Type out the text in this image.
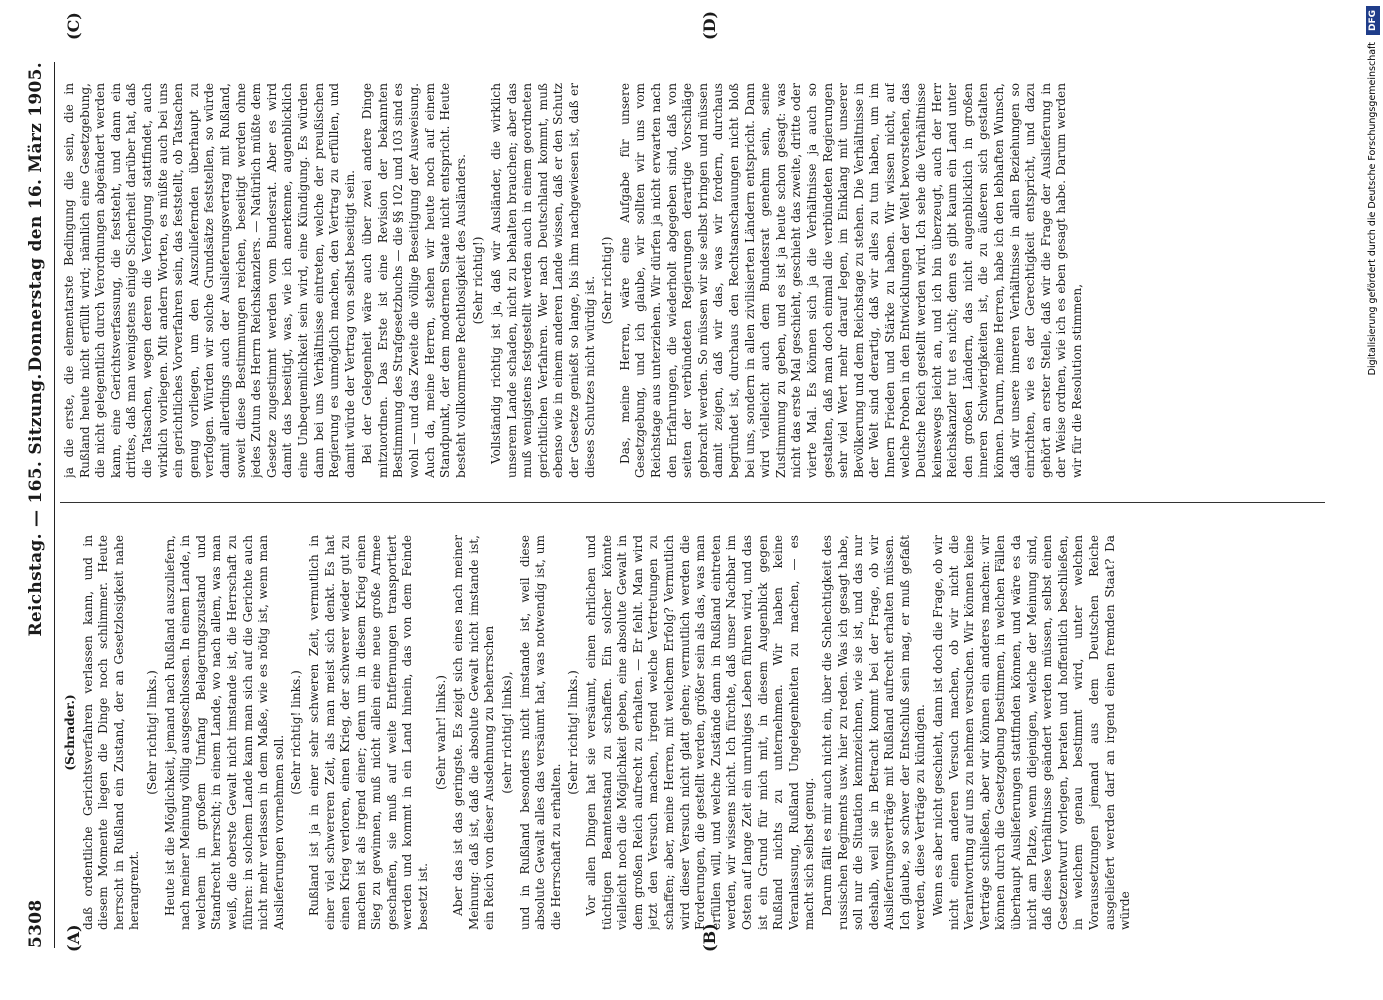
5308
Reichstag. — 165. Sitzung.
Donnerstag den 16. März 1905.
(A)	(B)
(C)	(D)
(Schrader.) daß ordentliche Gerichtsverfahren verlassen kann, und in diesem Momente liegen die Dinge noch schlimmer. Heute herrscht in Rußland ein Zustand, der an Gesetzlosigkeit nahe herangrenzt.

(Sehr richtig! links.) Heute ist die Möglichkeit, jemand nach Rußland auszuliefern, nach meiner Meinung völlig ausgeschlossen. In einem Lande, in welchem in großem Umfang Belagerungszustand und Standrecht herrscht; in einem Lande, wo nach allem, was man weiß, die oberste Gewalt nicht imstande ist, die Herrschaft zu führen: in solchem Lande kann man sich auf die Gerichte auch nicht mehr verlassen in dem Maße, wie es nötig ist, wenn man Auslieferungen vornehmen soll.

(Sehr richtig! links.) Rußland ist ja in einer sehr schweren Zeit, vermutlich in einer viel schwereren Zeit, als man meist sich denkt. Es hat einen Krieg verloren, einen Krieg, der schwerer wieder gut zu machen ist als irgend einer; denn um in diesem Krieg einen Sieg zu gewinnen, muß nicht allein eine neue große Armee geschaffen, sie muß auf weite Entfernungen transportiert werden und kommt in ein Land hinein, das von dem Feinde besetzt ist.

(Sehr wahr! links.) Aber das ist das geringste. Es zeigt sich eines nach meiner Meinung: daß ist, daß die absolute Gewalt nicht imstande ist, ein Reich von dieser Ausdehnung zu beherrschen (sehr richtig! links), und in Rußland besonders nicht imstande ist, weil diese absolute Gewalt alles das versäumt hat, was notwendig ist, um die Herrschaft zu erhalten.

(Sehr richtig! links.) Vor allen Dingen hat sie versäumt, einen ehrlichen und tüchtigen Beamtenstand zu schaffen. Ein solcher könnte vielleicht noch die Möglichkeit geben, eine absolute Gewalt in dem großen Reich aufrecht zu erhalten. — Er fehlt. Man wird jetzt den Versuch machen, irgend welche Vertretungen zu schaffen; aber, meine Herren, mit welchem Erfolg? Vermutlich wird dieser Versuch nicht glatt gehen; vermutlich werden die Forderungen, die gestellt werden, größer sein als das, was man erfüllen will, und welche Zustände dann in Rußland eintreten werden, wir wissens nicht. Ich fürchte, daß unser Nachbar im Osten auf lange Zeit ein unruhiges Leben führen wird, und das ist ein Grund für mich mit, in diesem Augenblick gegen Rußland nichts zu unternehmen. Wir haben keine Veranlassung, Rußland Ungelegenheiten zu machen, — es macht sich selbst genug. Darum fällt es mir auch nicht ein, über die Schlechtigkeit des russischen Regiments usw. hier zu reden. Was ich gesagt habe, soll nur die Situation kennzeichnen, wie sie ist, und das nur deshalb, weil sie in Betracht kommt bei der Frage, ob wir Auslieferungsverträge mit Rußland aufrecht erhalten müssen. Ich glaube, so schwer der Entschluß sein mag, er muß gefaßt werden, diese Verträge zu kündigen. Wenn es aber nicht geschieht, dann ist doch die Frage, ob wir nicht einen anderen Versuch machen, ob wir nicht die Verantwortung auf uns zu nehmen versuchen. Wir können keine Verträge schließen, aber wir können ein anderes machen: wir können durch die Gesetzgebung bestimmen, in welchen Fällen überhaupt Auslieferungen stattfinden können, und wäre es da nicht am Platze, wenn diejenigen, welche der Meinung sind, daß diese Verhältnisse geändert werden müssen, selbst einen Gesetzentwurf vorlegen, beraten und hoffentlich beschließen, in welchem genau bestimmt wird, unter welchen Voraussetzungen jemand aus dem Deutschen Reiche ausgeliefert werden darf an irgend einen fremden Staat? Da würde

ja die erste, die elementarste Bedingung die sein, die in Rußland heute nicht erfüllt wird; nämlich eine Gesetzgebung, die nicht gelegentlich durch Verordnungen abgeändert werden kann, eine Gerichtsverfassung, die feststeht, und dann ein drittes, daß man wenigstens einige Sicherheit darüber hat, daß die Tatsachen, wegen deren die Verfolgung stattfindet, auch wirklich vorliegen. Mit andern Worten, es müßte auch bei uns ein gerichtliches Vorverfahren sein, das feststellt, ob Tatsachen genug vorliegen, um den Auszuliefernden überhaupt zu verfolgen. Würden wir solche Grundsätze feststellen, so würde damit allerdings auch der Auslieferungsvertrag mit Rußland, soweit diese Bestimmungen reichen, beseitigt werden ohne jedes Zutun des Herrn Reichskanzlers. — Natürlich müßte dem Gesetze zugestimmt werden vom Bundesrat. Aber es wird damit das beseitigt, was, wie ich anerkenne, augenblicklich eine Unbequemlichkeit sein wird, eine Kündigung. Es würden dann bei uns Verhältnisse eintreten, welche der preußischen Regierung es unmöglich machen, den Vertrag zu erfüllen, und damit würde der Vertrag von selbst beseitigt sein. Bei der Gelegenheit wäre auch über zwei andere Dinge mitzuordnen. Das Erste ist eine Revision der bekannten Bestimmung des Strafgesetzbuchs — die §§ 102 und 103 sind es wohl — und das Zweite die völlige Beseitigung der Ausweisung. Auch da, meine Herren, stehen wir heute noch auf einem Standpunkt, der dem modernen Staate nicht entspricht. Heute besteht vollkommene Rechtlosigkeit des Ausländers. (Sehr richtig!) Vollständig richtig ist ja, daß wir Ausländer, die wirklich unserem Lande schaden, nicht zu behalten brauchen; aber das muß wenigstens festgestellt werden auch in einem geordneten gerichtlichen Verfahren. Wer nach Deutschland kommt, muß ebenso wie in einem anderen Lande wissen, daß er den Schutz der Gesetze genießt so lange, bis ihm nachgewiesen ist, daß er dieses Schutzes nicht würdig ist. (Sehr richtig!) Das, meine Herren, wäre eine Aufgabe für unsere Gesetzgebung, und ich glaube, wir sollten wir uns vom Reichstage aus unterziehen. Wir dürfen ja nicht erwarten nach den Erfahrungen, die wiederholt abgegeben sind, daß von seiten der verbündeten Regierungen derartige Vorschläge gebracht werden. So müssen wir sie selbst bringen und müssen damit zeigen, daß wir das, was wir fordern, durchaus begründet ist, durchaus den Rechtsanschauungen nicht bloß bei uns, sondern in allen zivilisierten Ländern entspricht. Dann wird vielleicht auch dem Bundesrat genehm sein, seine Zustimmung zu geben, und es ist ja heute schon gesagt: was nicht das erste Mal geschieht, geschieht das zweite, dritte oder vierte Mal. Es können sich ja die Verhältnisse ja auch so gestalten, daß man doch einmal die verbündeten Regierungen sehr viel Wert mehr darauf legen, im Einklang mit unserer Bevölkerung und dem Reichstage zu stehen. Die Verhältnisse in der Welt sind derartig, daß wir alles zu tun haben, um im Innern Frieden und Stärke zu haben. Wir wissen nicht, auf welche Proben in den Entwicklungen der Welt bevorstehen, das Deutsche Reich gestellt werden wird. Ich sehe die Verhältnisse keineswegs leicht an, und ich bin überzeugt, auch der Herr Reichskanzler tut es nicht; denn es gibt kaum ein Land unter den großen Ländern, das nicht augenblicklich in großen inneren Schwierigkeiten ist, die zu äußeren sich gestalten können. Darum, meine Herren, habe ich den lebhaften Wunsch, daß wir unsere inneren Verhältnisse in allen Beziehungen so einrichten, wie es der Gerechtigkeit entspricht, und dazu gehört an erster Stelle, daß wir die Frage der Auslieferung in der Weise ordnen, wie ich es eben gesagt habe. Darum werden wir für die Resolution stimmen,

Digitalisierung gefördert durch die Deutsche Forschungsgemeinschaft DFG
